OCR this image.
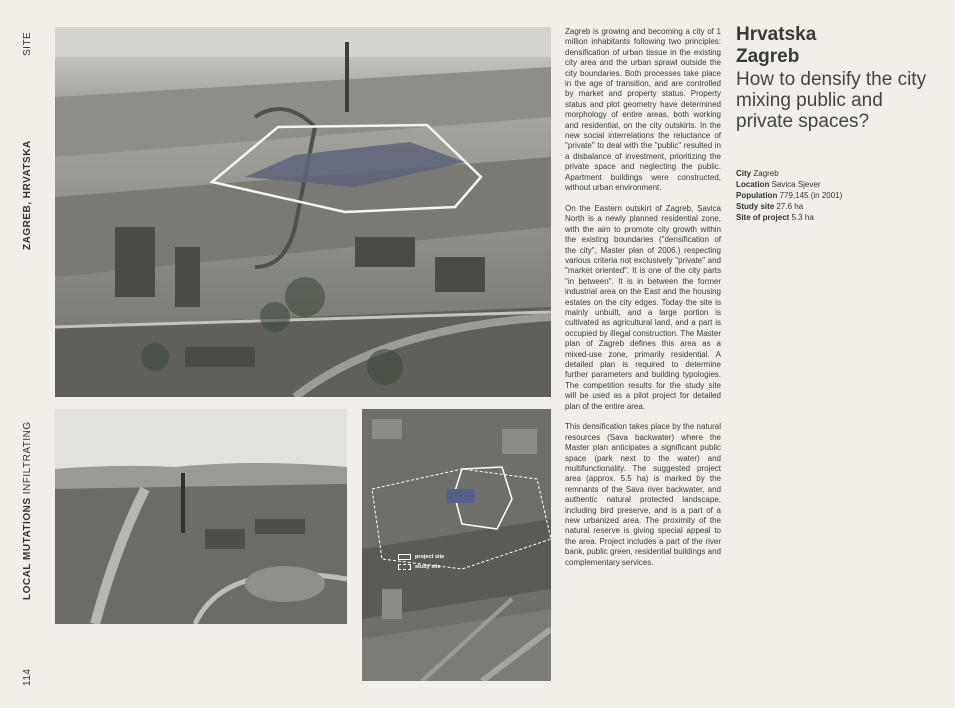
SITE
ZAGREB, HRVATSKA
LOCAL MUTATIONS INFILTRATING
114
project site
study site

Zagreb is growing and becoming a city of 1 million inhabitants following two principles: densification of urban tissue in the existing city area and the urban sprawl outside the city boundaries. Both processes take place in the age of transition, and are controlled by market and property status. Property status and plot geometry have determined morphology of entire areas, both working and residential, on the city outskirts. In the new social interrelations the reluctance of "private" to deal with the "public" resulted in a disbalance of investment, prioritizing the private space and neglecting the public. Apartment buildings were constructed, without urban environment.

On the Eastern outskirt of Zagreb, Savica North is a newly planned residential zone, with the aim to promote city growth within the existing boundaries ("densification of the city", Master plan of 2006.) respecting various criteria not exclusively "private" and "market oriented". It is one of the city parts "in between". It is in between the former industrial area on the East and the housing estates on the city edges. Today the site is mainly unbuilt, and a large portion is cultivated as agricultural land, and a part is occupied by illegal construction. The Master plan of Zagreb defines this area as a mixed-use zone, primarily residential. A detailed plan is required to determine further parameters and building typologies. The competition results for the study site will be used as a pilot project for detailed plan of the entire area.

This densification takes place by the natural resources (Sava backwater) where the Master plan anticipates a significant public space (park next to the water) and multifunctionality. The suggested project area (approx. 5.5 ha) is marked by the remnants of the Sava river backwater, and authentic natural protected landscape, including bird preserve, and is a part of a new urbanized area. The proximity of the natural reserve is giving special appeal to the area. Project includes a part of the river bank, public green, residential buildings and complementary services.

Hrvatska
Zagreb
How to densify the city mixing public and private spaces?
City Zagreb
Location Savica Sjever
Population 779,145 (in 2001)
Study site 27.6 ha
Site of project 5.3 ha
